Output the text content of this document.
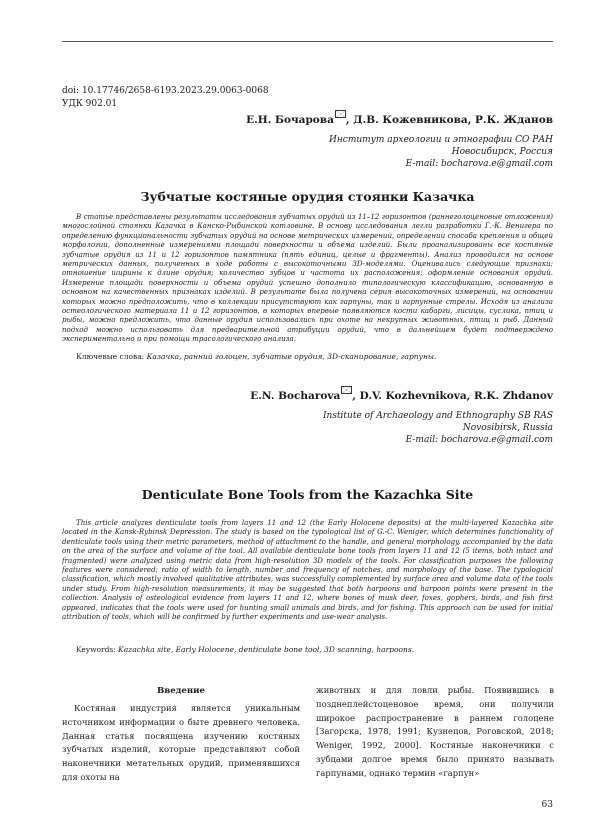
doi: 10.17746/2658-6193.2023.29.0063-0068
УДК 902.01
Е.Н. Бочарова , Д.В. Кожевникова, Р.К. Жданов
Институт археологии и этнографии СО РАН
Новосибирск, Россия
E-mail: bocharova.e@gmail.com
Зубчатые костяные орудия стоянки Казачка

В статье представлены результаты исследования зубчатых орудий из 11–12 горизонтов (раннеголоценовые отложения) многослойной стоянки Казачка в Канско-Рыбинской котловине. В основу исследования легли разработки Г.-К. Венигера по определению функциональности зубчатых орудий на основе метрических измерений, определении способа крепления и общей морфологии, дополненные измерениями площади поверхности и объема изделий. Были проанализированы все костяные зубчатые орудия из 11 и 12 горизонтов памятника (пять единиц, целые и фрагменты). Анализ проводился на основе метрических данных, полученных в ходе работы с высокоточными 3D-моделями. Оценивались следующие признаки: отношение ширины к длине орудия; количество зубцов и частота их расположения; оформление основания орудий. Измерение площади поверхности и объема орудий успешно дополнило типологическую классификацию, основанную в основном на качественных признаках изделий. В результате была получена серия высокоточных измерений, на основании которых можно предположить, что в коллекции присутствуют как гарпуны, так и гарпунные стрелы. Исходя из анализа остеологического материала 11 и 12 горизонтов, в которых впервые появляются кости кабарги, лисицы, суслика, птиц и рыбы, можно предложить, что данные орудия использовались при охоте на некрупных животных, птиц и рыб. Данный подход можно использовать для предварительной атрибуции орудий, что в дальнейшем будет подтверждено экспериментально и при помощи трасологического анализа.

Ключевые слова: Казачка, ранний голоцен, зубчатые орудия, 3D-сканирование, гарпуны.
E.N. Bocharova , D.V. Kozhevnikova, R.K. Zhdanov
Institute of Archaeology and Ethnography SB RAS
Novosibirsk, Russia
E-mail: bocharova.e@gmail.com
Denticulate Bone Tools from the Kazachka Site

This article analyzes denticulate tools from layers 11 and 12 (the Early Holocene deposits) at the multi-layered Kazachka site located in the Kansk-Rybinsk Depression. The study is based on the typological list of G.-C. Weniger, which determines functionality of denticulate tools using their metric parameters, method of attachment to the handle, and general morphology, accompanied by the data on the area of the surface and volume of the tool. All available denticulate bone tools from layers 11 and 12 (5 items, both intact and fragmented) were analyzed using metric data from high-resolution 3D models of the tools. For classification purposes the following features were considered: ratio of width to length, number and frequency of notches, and morphology of the base. The typological classification, which mostly involved qualitative attributes, was successfully complemented by surface area and volume data of the tools under study. From high-resolution measurements, it may be suggested that both harpoons and harpoon points were present in the collection. Analysis of osteological evidence from layers 11 and 12, where bones of musk deer, foxes, gophers, birds, and fish first appeared, indicates that the tools were used for hunting small animals and birds, and for fishing. This approach can be used for initial attribution of tools, which will be confirmed by further experiments and use-wear analysis.

Keywords: Kazachka site, Early Holocene, denticulate bone tool, 3D scanning, harpoons.
Введение

Костяная индустрия является уникальным источником информации о быте древнего человека. Данная статья посвящена изучению костяных зубчатых изделий, которые представляют собой наконечники метательных орудий, применявшихся для охоты на

животных и для ловли рыбы. Появившись в позднеплейстоценовое время, они получили широкое распространение в раннем голоцене [Загорска, 1978, 1991; Кузнецов, Роговской, 2018; Weniger, 1992, 2000]. Костяные наконечники с зубцами долгое время было принято называть гарпунами, однако термин «гарпун»

63
